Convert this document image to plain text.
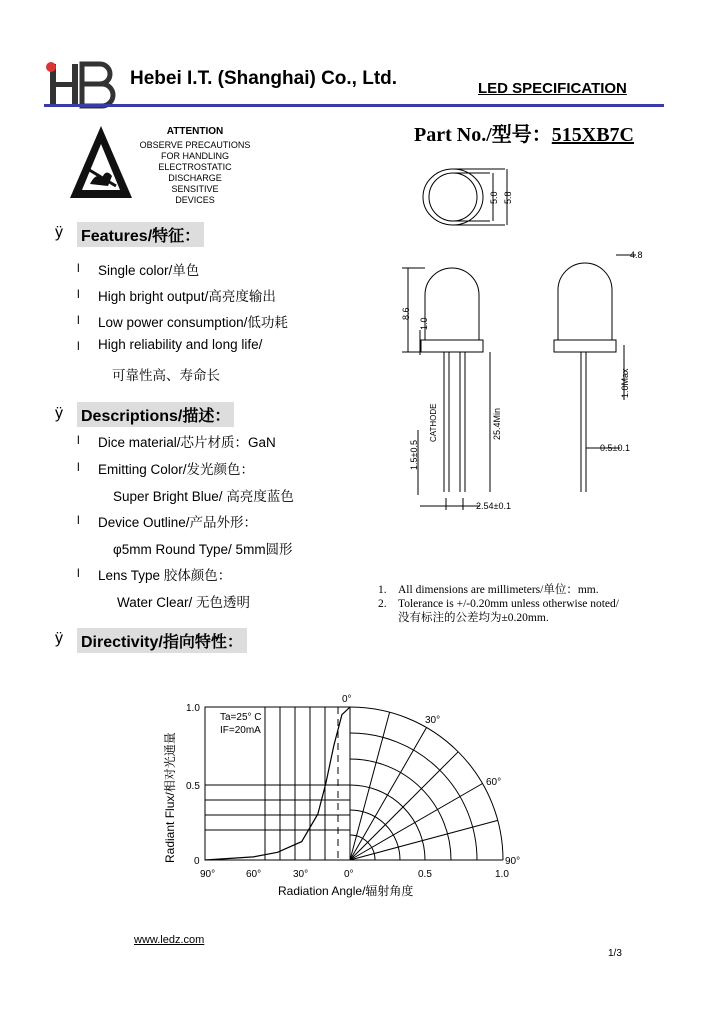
Hebei I.T. (Shanghai) Co., Ltd.	LED SPECIFICATION
ATTENTION
OBSERVE PRECAUTIONS
FOR HANDLING
ELECTROSTATIC
DISCHARGE
SENSITIVE
DEVICES
Part No./型号：515XB7C
ÿ Features/特征：
l Single color/单色
l High bright output/高亮度输出
l Low power consumption/低功耗
l High reliability and long life/
可靠性高、寿命长
ÿ Descriptions/描述：
l Dice material/芯片材质：GaN
l Emitting Color/发光颜色：
Super Bright Blue/ 高亮度蓝色
l Device Outline/产品外形：
φ5mm Round Type/ 5mm圆形
l Lens Type 胶体颜色：
Water Clear/ 无色透明
ÿ Directivity/指向特性：
5.0 5.8
4.8
8.6
1.0
1.0Max
25.4Min
1.5±0.5	0.5±0.1
2.54±0.1
CATHODE
1. All dimensions are millimeters/单位：mm.
2. Tolerance is +/-0.20mm unless otherwise noted/
没有标注的公差均为±0.20mm.
Ta=25° C
IF=20mA
1.0
0.5
0
90°	60°	30°	0°	0.5	1.0
0°
30°
60°
90°
Radiation Angle/辐射角度
Radiant Flux/相对光通量
www.ledz.com
1/3
